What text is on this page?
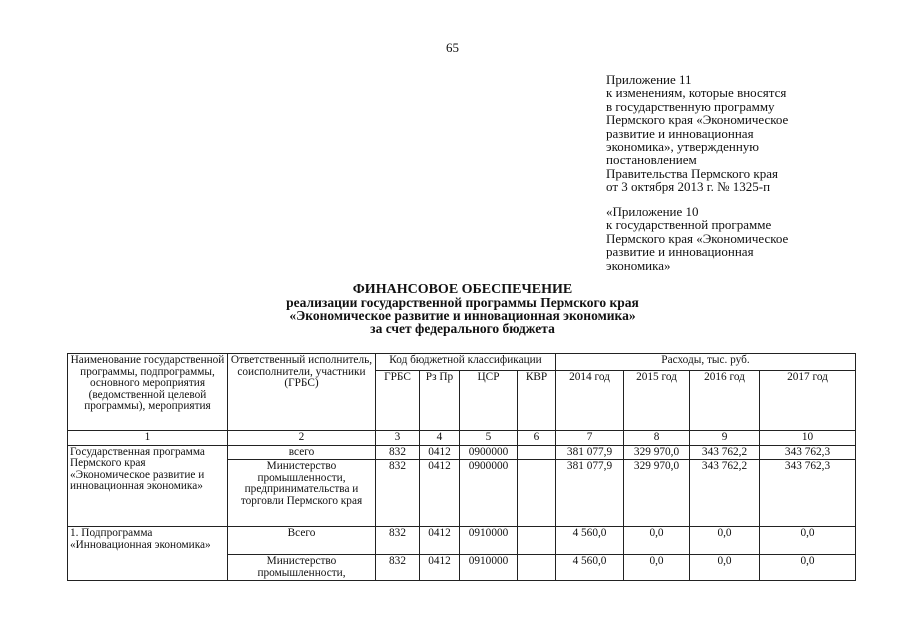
65
Приложение 11
к изменениям, которые вносятся
в государственную программу
Пермского края «Экономическое
развитие и инновационная
экономика», утвержденную
постановлением
Правительства Пермского края
от 3 октября 2013 г. № 1325-п
«Приложение 10
к государственной программе
Пермского края «Экономическое
развитие и инновационная
экономика»
ФИНАНСОВОЕ ОБЕСПЕЧЕНИЕ
реализации государственной программы Пермского края
«Экономическое развитие и инновационная экономика»
за счет федерального бюджета
Наименование государственной программы, подпрограммы, основного мероприятия (ведомственной целевой программы), мероприятия	Ответственный исполнитель, соисполнители, участники (ГРБС)	Код бюджетной классификации				Расходы, тыс. руб.			
		ГРБС	Рз Пр	ЦСР	КВР	2014 год	2015 год	2016 год	2017 год
1	2	3	4	5	6	7	8	9	10
Государственная программа Пермского края «Экономическое развитие и инновационная экономика»	всего	832	0412	0900000		381 077,9	329 970,0	343 762,2	343 762,3
	Министерство промышленности, предпринимательства и торговли Пермского края	832	0412	0900000		381 077,9	329 970,0	343 762,2	343 762,3
1. Подпрограмма «Инновационная экономика»	Всего	832	0412	0910000		4 560,0	0,0	0,0	0,0
	Министерство промышленности,	832	0412	0910000		4 560,0	0,0	0,0	0,0
